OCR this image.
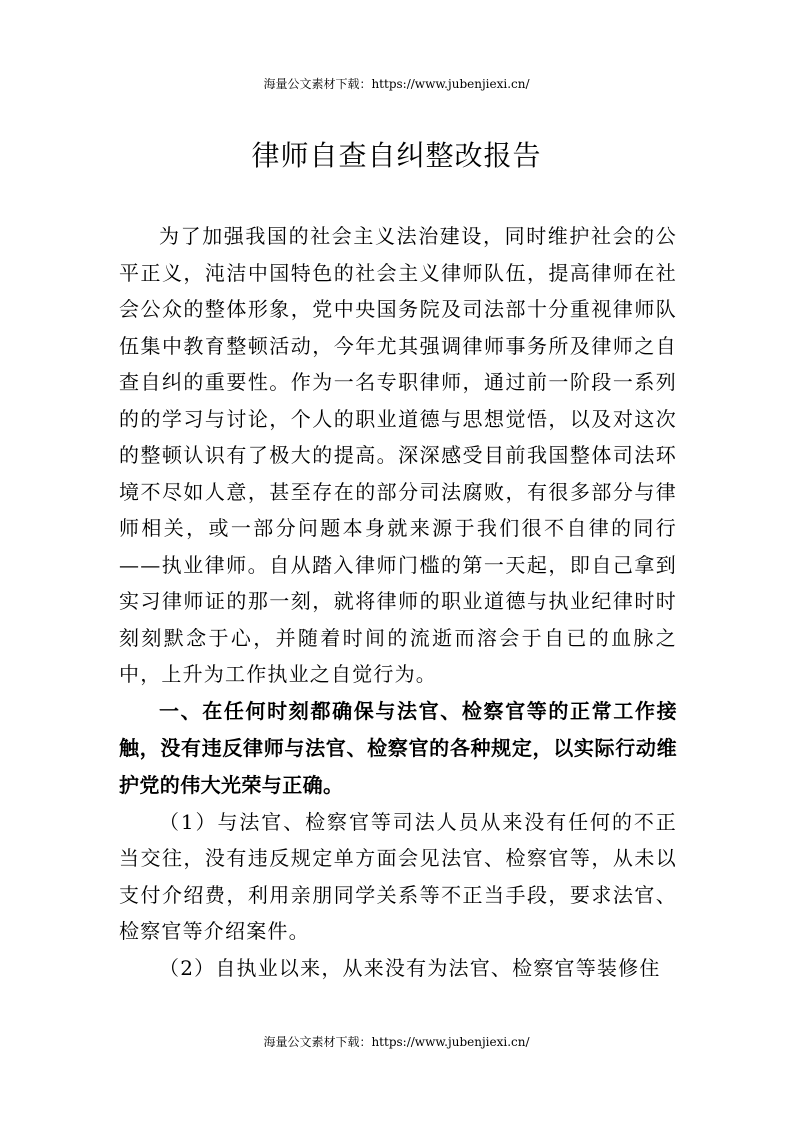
海量公文素材下载：https://www.jubenjiexi.cn/
律师自查自纠整改报告

为了加强我国的社会主义法治建设，同时维护社会的公平正义，沌洁中国特色的社会主义律师队伍，提高律师在社会公众的整体形象，党中央国务院及司法部十分重视律师队伍集中教育整顿活动，今年尤其强调律师事务所及律师之自查自纠的重要性。作为一名专职律师，通过前一阶段一系列的的学习与讨论，个人的职业道德与思想觉悟，以及对这次的整顿认识有了极大的提高。深深感受目前我国整体司法环境不尽如人意，甚至存在的部分司法腐败，有很多部分与律师相关，或一部分问题本身就来源于我们很不自律的同行——执业律师。自从踏入律师门槛的第一天起，即自己拿到实习律师证的那一刻，就将律师的职业道德与执业纪律时时刻刻默念于心，并随着时间的流逝而溶会于自已的血脉之中，上升为工作执业之自觉行为。

一、在任何时刻都确保与法官、检察官等的正常工作接触，没有违反律师与法官、检察官的各种规定，以实际行动维护党的伟大光荣与正确。

（1）与法官、检察官等司法人员从来没有任何的不正当交往，没有违反规定单方面会见法官、检察官等，从未以支付介绍费，利用亲朋同学关系等不正当手段，要求法官、检察官等介绍案件。

（2）自执业以来，从来没有为法官、检察官等装修住

海量公文素材下载：https://www.jubenjiexi.cn/
